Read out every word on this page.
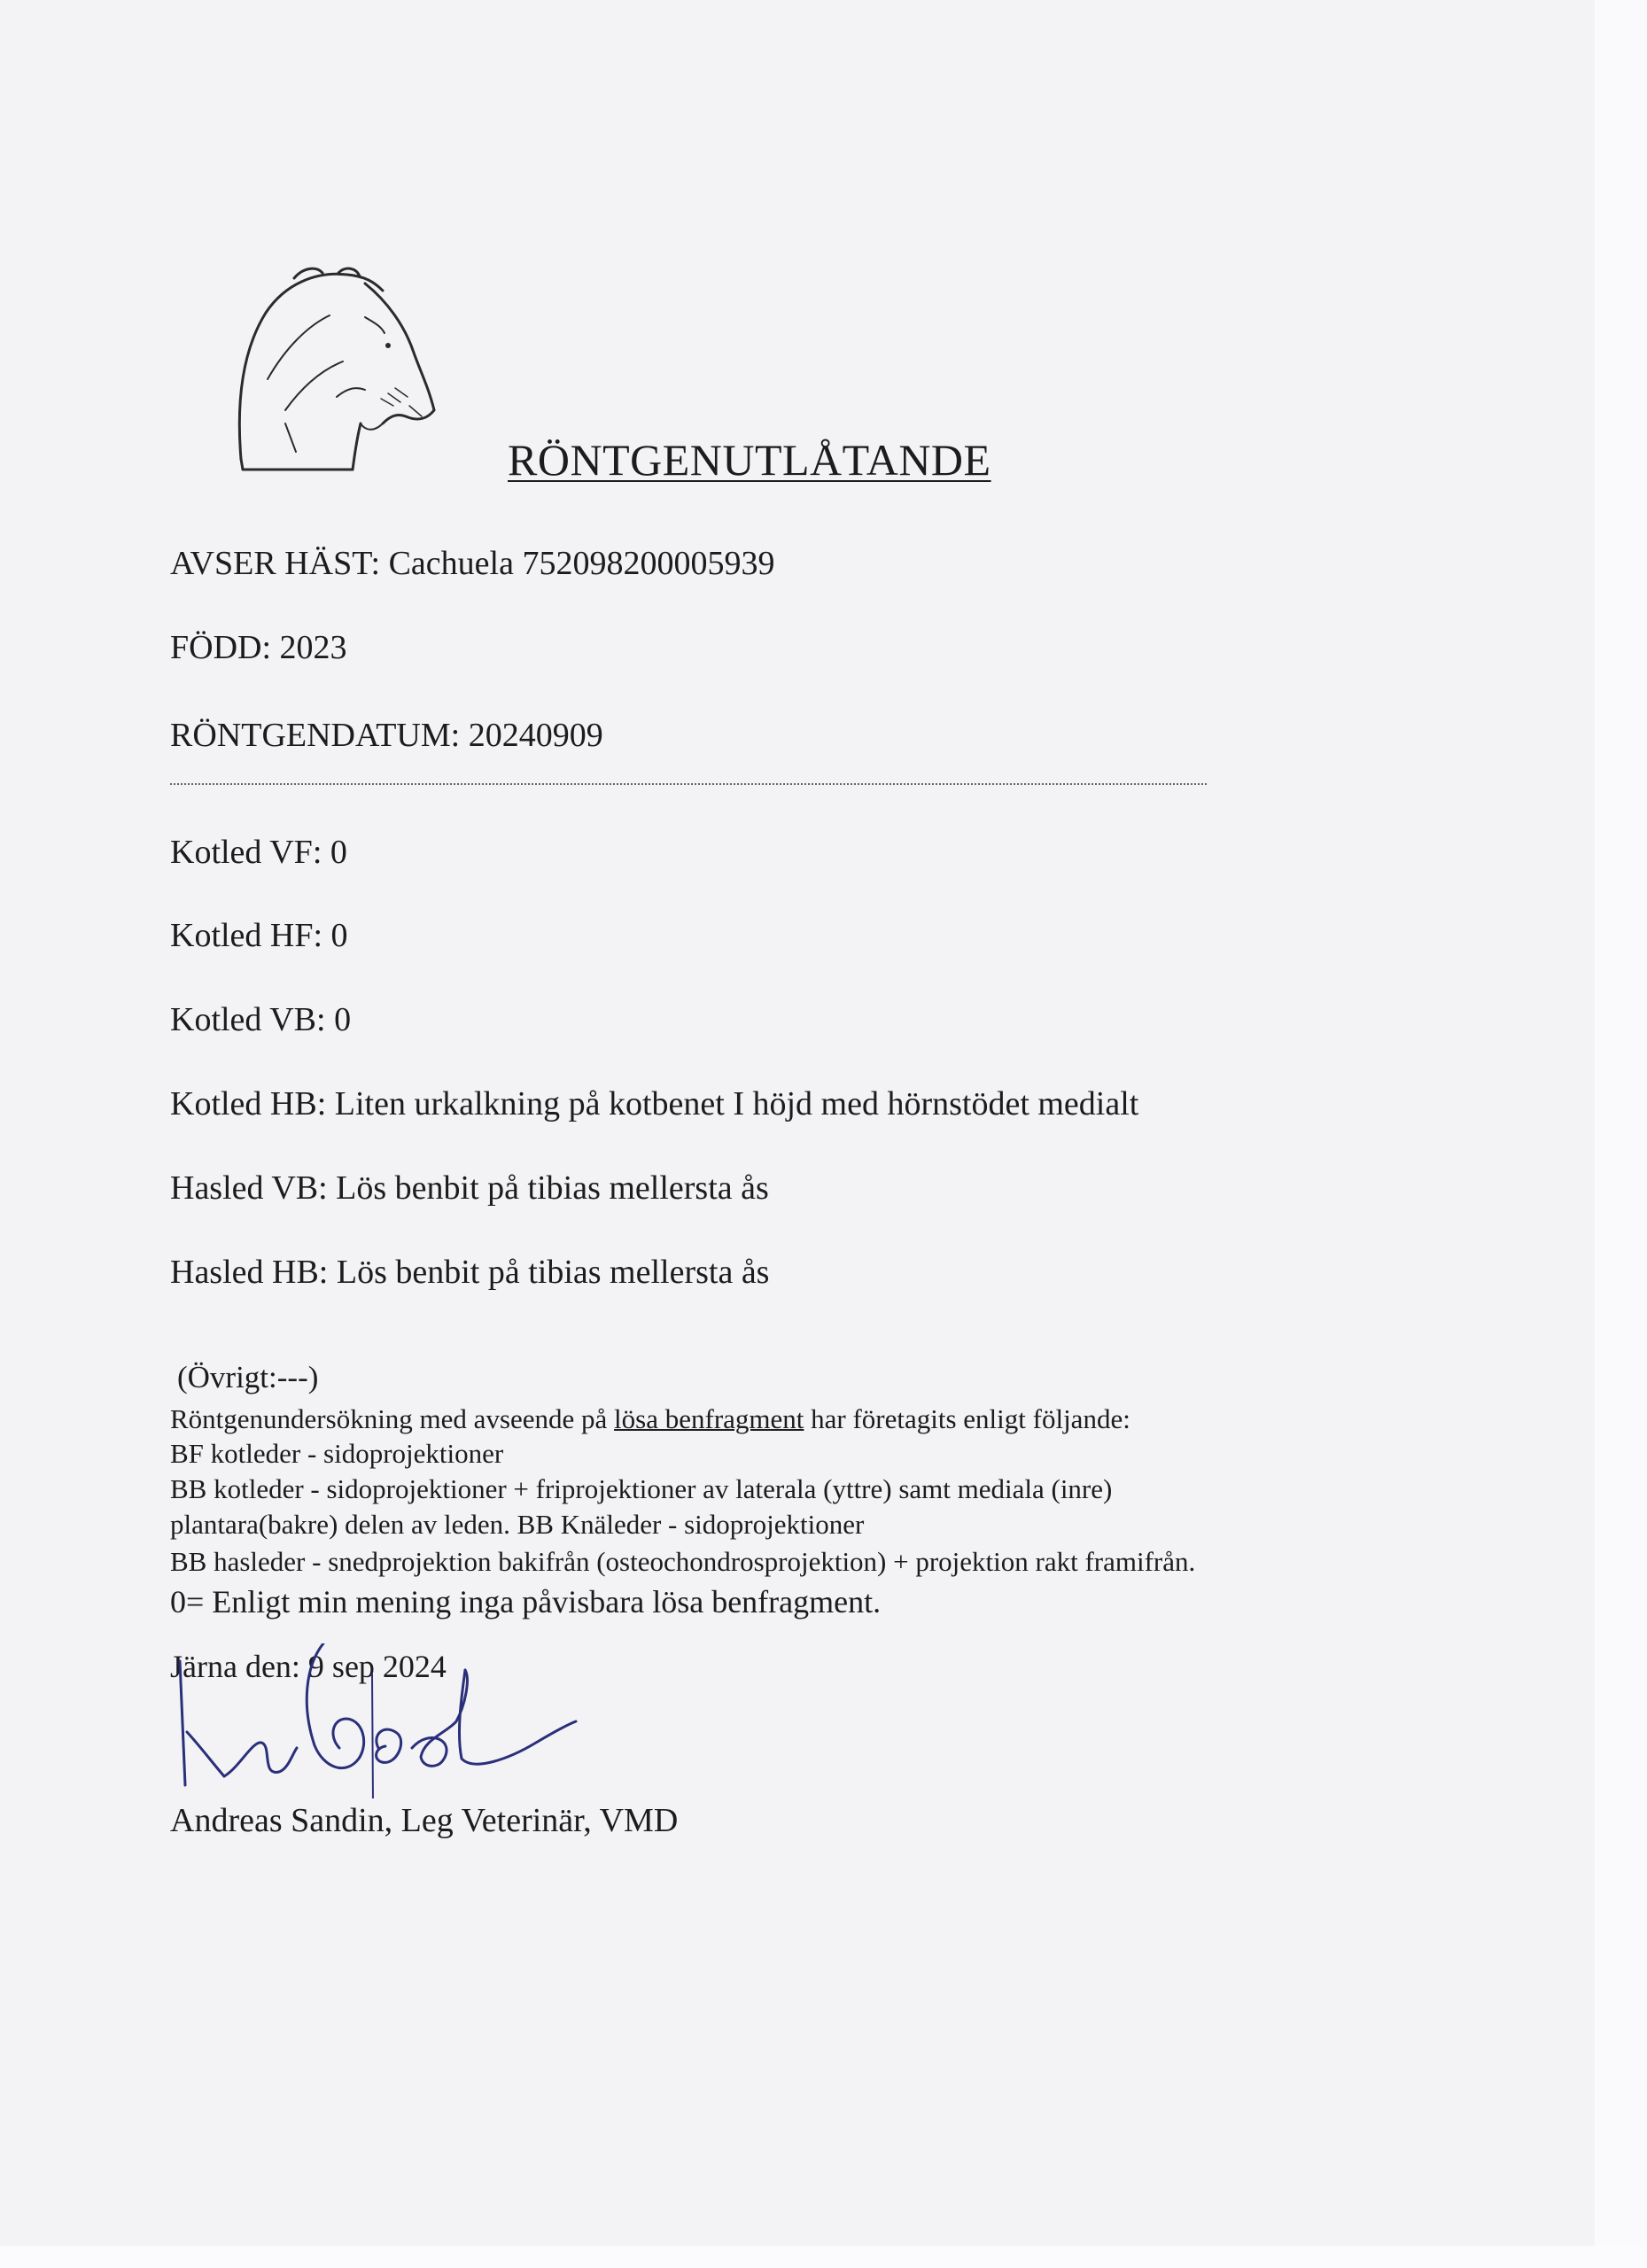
RÖNTGENUTLÅTANDE
AVSER HÄST: Cachuela 752098200005939
FÖDD: 2023
RÖNTGENDATUM: 20240909
Kotled VF: 0
Kotled HF: 0
Kotled VB: 0
Kotled HB: Liten urkalkning på kotbenet I höjd med hörnstödet medialt
Hasled VB: Lös benbit på tibias mellersta ås
Hasled HB: Lös benbit på tibias mellersta ås
(Övrigt:---)
Röntgenundersökning med avseende på lösa benfragment har företagits enligt följande:
BF kotleder - sidoprojektioner
BB kotleder - sidoprojektioner + friprojektioner av laterala (yttre) samt mediala (inre)
plantara(bakre) delen av leden. BB Knäleder - sidoprojektioner
BB hasleder - snedprojektion bakifrån (osteochondrosprojektion) + projektion rakt framifrån.
0= Enligt min mening inga påvisbara lösa benfragment.
Järna den: 9 sep 2024
Andreas Sandin, Leg Veterinär, VMD
